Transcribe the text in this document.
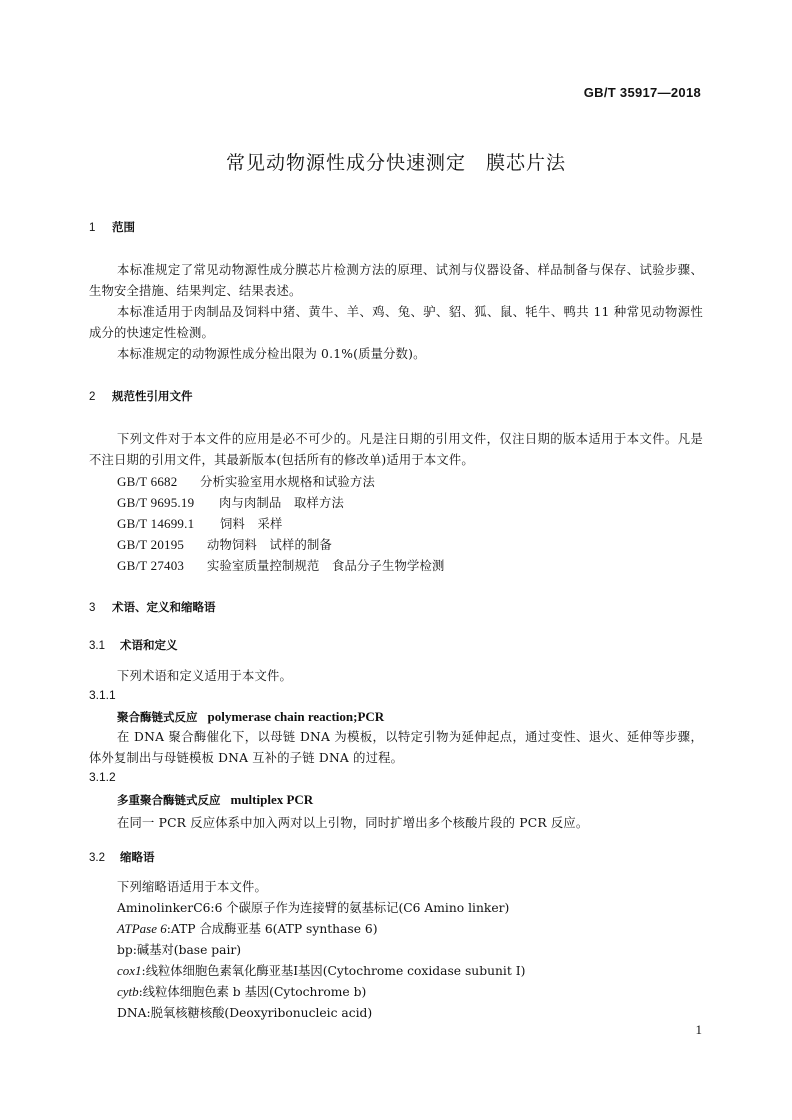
GB/T 35917—2018
常见动物源性成分快速测定　膜芯片法
1 范围
本标准规定了常见动物源性成分膜芯片检测方法的原理、试剂与仪器设备、样品制备与保存、试验步骤、生物安全措施、结果判定、结果表述。
本标准适用于肉制品及饲料中猪、黄牛、羊、鸡、兔、驴、貂、狐、鼠、牦牛、鸭共 11 种常见动物源性成分的快速定性检测。
本标准规定的动物源性成分检出限为 0.1%(质量分数)。
2 规范性引用文件
下列文件对于本文件的应用是必不可少的。凡是注日期的引用文件，仅注日期的版本适用于本文件。凡是不注日期的引用文件，其最新版本(包括所有的修改单)适用于本文件。
GB/T 6682 分析实验室用水规格和试验方法
GB/T 9695.19 肉与肉制品　取样方法
GB/T 14699.1 饲料　采样
GB/T 20195 动物饲料　试样的制备
GB/T 27403 实验室质量控制规范　食品分子生物学检测
3 术语、定义和缩略语
3.1 术语和定义
下列术语和定义适用于本文件。
3.1.1
聚合酶链式反应 polymerase chain reaction;PCR
在 DNA 聚合酶催化下，以母链 DNA 为模板，以特定引物为延伸起点，通过变性、退火、延伸等步骤，体外复制出与母链模板 DNA 互补的子链 DNA 的过程。
3.1.2
多重聚合酶链式反应 multiplex PCR
在同一 PCR 反应体系中加入两对以上引物，同时扩增出多个核酸片段的 PCR 反应。
3.2 缩略语
下列缩略语适用于本文件。
AminolinkerC6:6 个碳原子作为连接臂的氨基标记(C6 Amino linker)
ATPase 6:ATP 合成酶亚基 6(ATP synthase 6)
bp:碱基对(base pair)
cox1:线粒体细胞色素氧化酶亚基Ⅰ基因(Cytochrome coxidase subunit Ⅰ)
cytb:线粒体细胞色素 b 基因(Cytochrome b)
DNA:脱氧核糖核酸(Deoxyribonucleic acid)
1
